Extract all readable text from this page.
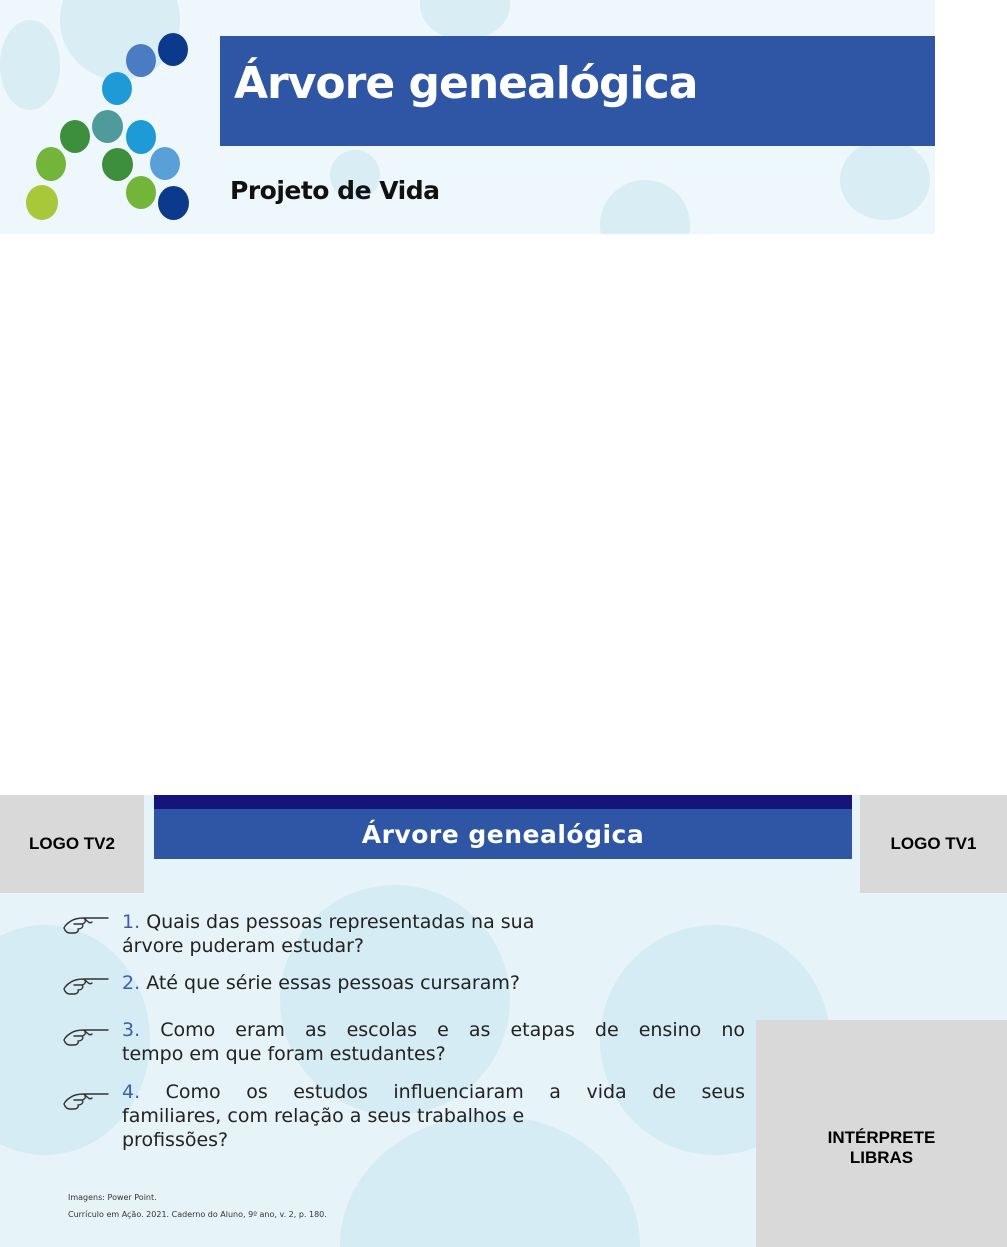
Árvore genealógica
Projeto de Vida
LOGO TV2	LOGO TV1
Árvore genealógica
1. Quais das pessoas representadas na sua
árvore puderam estudar?
2. Até que série essas pessoas cursaram?
3. Como eram as escolas e as etapas de ensino no
tempo em que foram estudantes?
4. Como os estudos influenciaram a vida de seus
familiares, com relação a seus trabalhos e
profissões?	INTÉRPRETE
LIBRAS
Imagens: Power Point.
Currículo em Ação. 2021. Caderno do Aluno, 9º ano, v. 2, p. 180.
